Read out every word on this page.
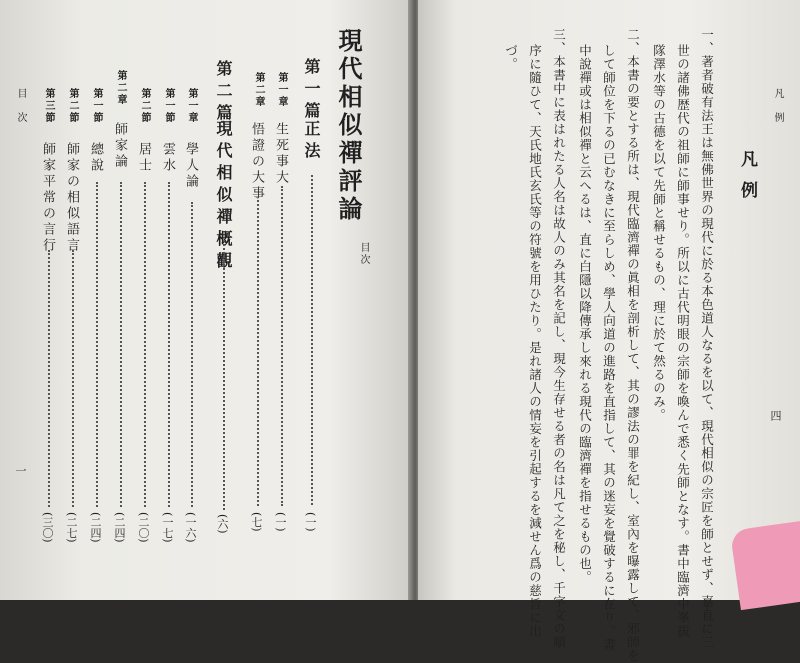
現代相似禪評論
目次
第一篇
正法
(一)
第一章
生死事大
(一)
第二章
悟證の大事
(七)
第二篇
現代相似禪概觀
(六)
第一章
學人論
(一六)
第一節
雲水
(一七)
第二節
居士
(二〇)
第二章
師家論
(二四)
第一節
總說
(二四)
第二節
師家の相似語言
(二七)
第三節
師家平常の言行
(三〇)
目次
一
凡例
四
凡例
一、著者破有法王は無佛世界の現代に於る本色道人なるを以て、現代相似の宗匠を師とせず、嘉直に三
世の諸佛歴代の祖師に師事せり。所以に古代明眼の宗師を喚んで悉く先師となす。書中臨濟中峯拔
隊澤水等の古德を以て先師と稱せるもの、理に於て然るのみ。
二、本書の要とする所は、現代臨濟禪の眞相を剖析して、其の謬法の罪を紀し、室內を曝露して、邪師を
して師位を下るの已むなきに至らしめ、學人向道の進路を直指して、其の迷妄を覺破するに在り。書
中說禪或は相似禪と云へるは、直に白隱以降傳承し來れる現代の臨濟禪を指せるもの也。
三、本書中に表はれたる人名は故人のみ其名を記し、現今生存せる者の名は凡て之を秘し、千字文の順
序に隨ひて、天氏地氏玄氏等の符號を用ひたり。是れ諸人の情妄を引起するを減せん爲の慈旨に出
づ。
